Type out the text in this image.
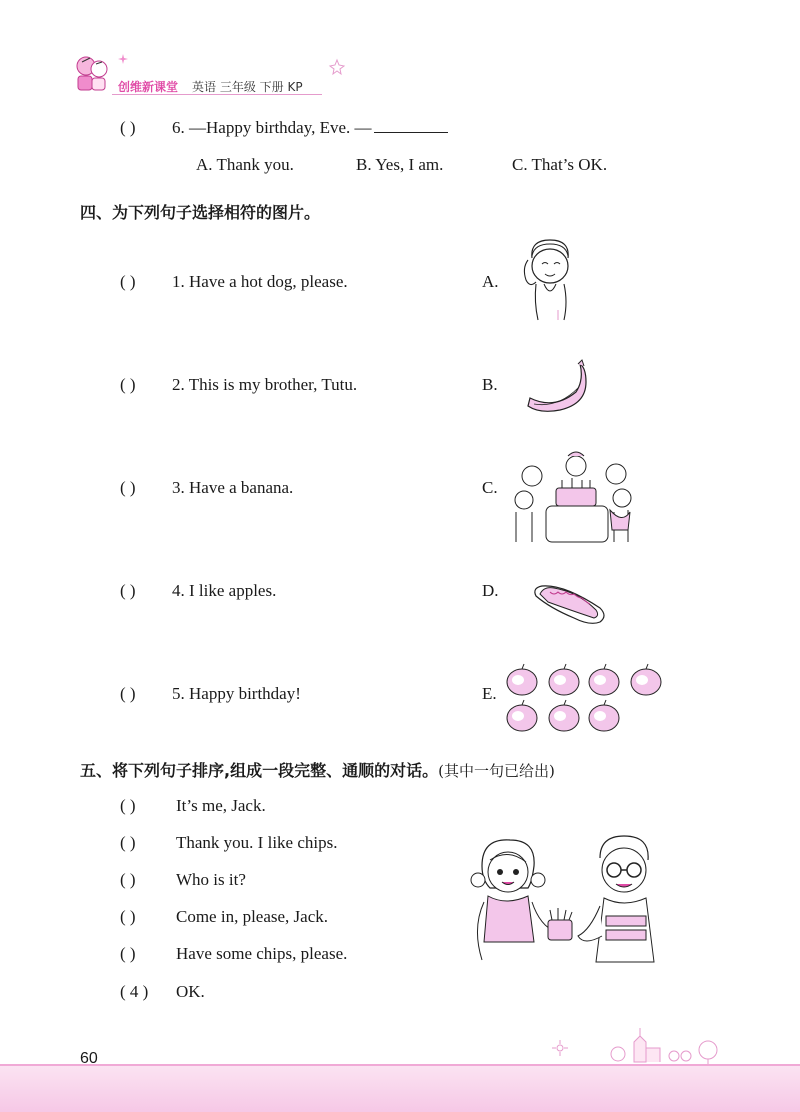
创维新课堂 英语 三年级 下册 KP
( ) 6. —Happy birthday, Eve. —
A. Thank you.	B. Yes, I am.	C. That’s OK.
四、为下列句子选择相符的图片。
( ) 1. Have a hot dog, please.	A.
( ) 2. This is my brother, Tutu.	B.
( ) 3. Have a banana.	C.
( ) 4. I like apples.	D.
( ) 5. Happy birthday!	E.
五、将下列句子排序,组成一段完整、通顺的对话。(其中一句已给出)
( ) It’s me, Jack.
( ) Thank you. I like chips.
( ) Who is it?
( ) Come in, please, Jack.
( ) Have some chips, please.
( 4 ) OK.
60
